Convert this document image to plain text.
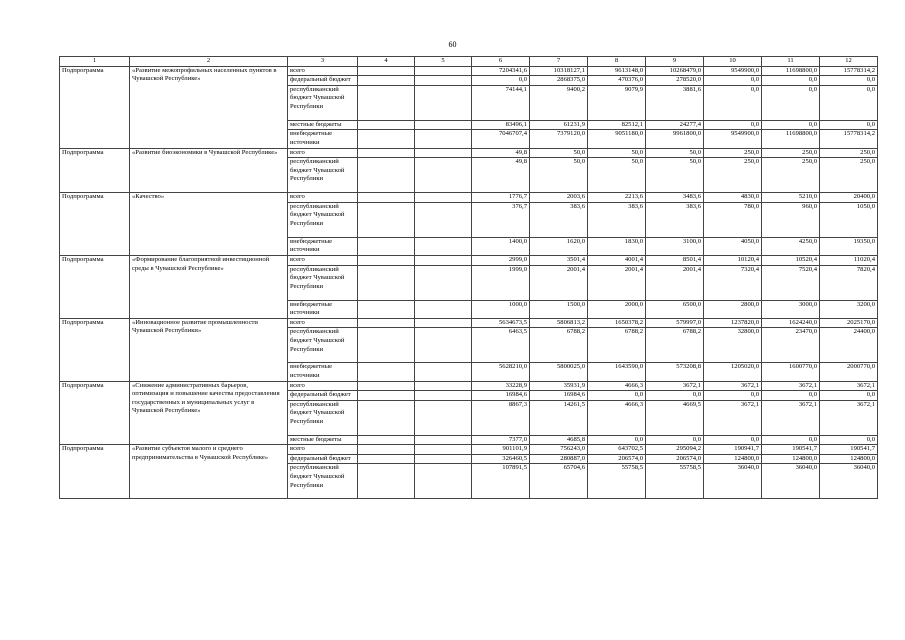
60
1	2	3	4	5	6	7	8	9	10	11	12
Подпрограмма	«Развитие межопрофильных населенных пунктов в Чувашской Республике»	всего			7204341,6	10318127,1	9613148,0	10268479,0	9549900,0	11698800,0	15778314,2
		федеральный бюджет			0,0	2868375,0	470376,0	278520,0	0,0	0,0	0,0
		республиканский бюджет Чувашской Республики			74144,1	9400,2	9079,9	3881,6	0,0	0,0	0,0
		местные бюджеты			83496,1	61231,9	82512,1	24277,4	0,0	0,0	0,0
		внебюджетные источники			7046707,4	7379120,0	9051180,0	9961800,0	9549900,0	11698800,0	15778314,2
Подпрограмма	«Развитие биоэкономики в Чувашской Республике»	всего			49,8	50,0	50,0	50,0	250,0	250,0	250,0
		республиканский бюджет Чувашской Республики			49,8	50,0	50,0	50,0	250,0	250,0	250,0
Подпрограмма	«Качество»	всего			1776,7	2003,6	2213,6	3483,6	4830,0	5210,0	20400,0
		республиканский бюджет Чувашской Республики			376,7	383,6	383,6	383,6	780,0	960,0	1050,0
		внебюджетные источники			1400,0	1620,0	1830,0	3100,0	4050,0	4250,0	19350,0
Подпрограмма	«Формирование благоприятной инвестиционной среды в Чувашской Республике»	всего			2999,0	3501,4	4001,4	8501,4	10120,4	10520,4	11020,4
		республиканский бюджет Чувашской Республики			1999,0	2001,4	2001,4	2001,4	7320,4	7520,4	7820,4
		внебюджетные источники			1000,0	1500,0	2000,0	6500,0	2800,0	3000,0	3200,0
Подпрограмма	«Инновационное развитие промышленности Чувашской Республики»	всего			5634673,5	5806813,2	1650378,2	579997,0	1237820,0	1624240,0	2025170,0
		республиканский бюджет Чувашской Республики			6463,5	6788,2	6788,2	6788,2	32800,0	23470,0	24400,0
		внебюджетные источники			5628210,0	5800025,0	1643590,0	573208,8	1205020,0	1600770,0	2000770,0
Подпрограмма	«Снижение административных барьеров, оптимизация и повышение качества предоставления государственных и муниципальных услуг в Чувашской Республике»	всего			33228,9	35931,9	4666,3	3672,1	3672,1	3672,1	3672,1
		федеральный бюджет			16984,6	16984,6	0,0	0,0	0,0	0,0	0,0
		республиканский бюджет Чувашской Республики			8867,3	14261,5	4666,3	4669,5	3672,1	3672,1	3672,1
		местные бюджеты			7377,0	4685,8	0,0	0,0	0,0	0,0	0,0
Подпрограмма	«Развитие субъектов малого и среднего предпринимательства в Чувашской Республике»	всего			901101,9	756243,0	643702,5	295094,2	190941,7	190541,7	190541,7
		федеральный бюджет			326460,5	280887,0	206574,0	206574,0	124800,0	124800,0	124800,0
		республиканский бюджет Чувашской Республики			107891,5	65704,6	55758,5	55758,5	36040,0	36040,0	36040,0
